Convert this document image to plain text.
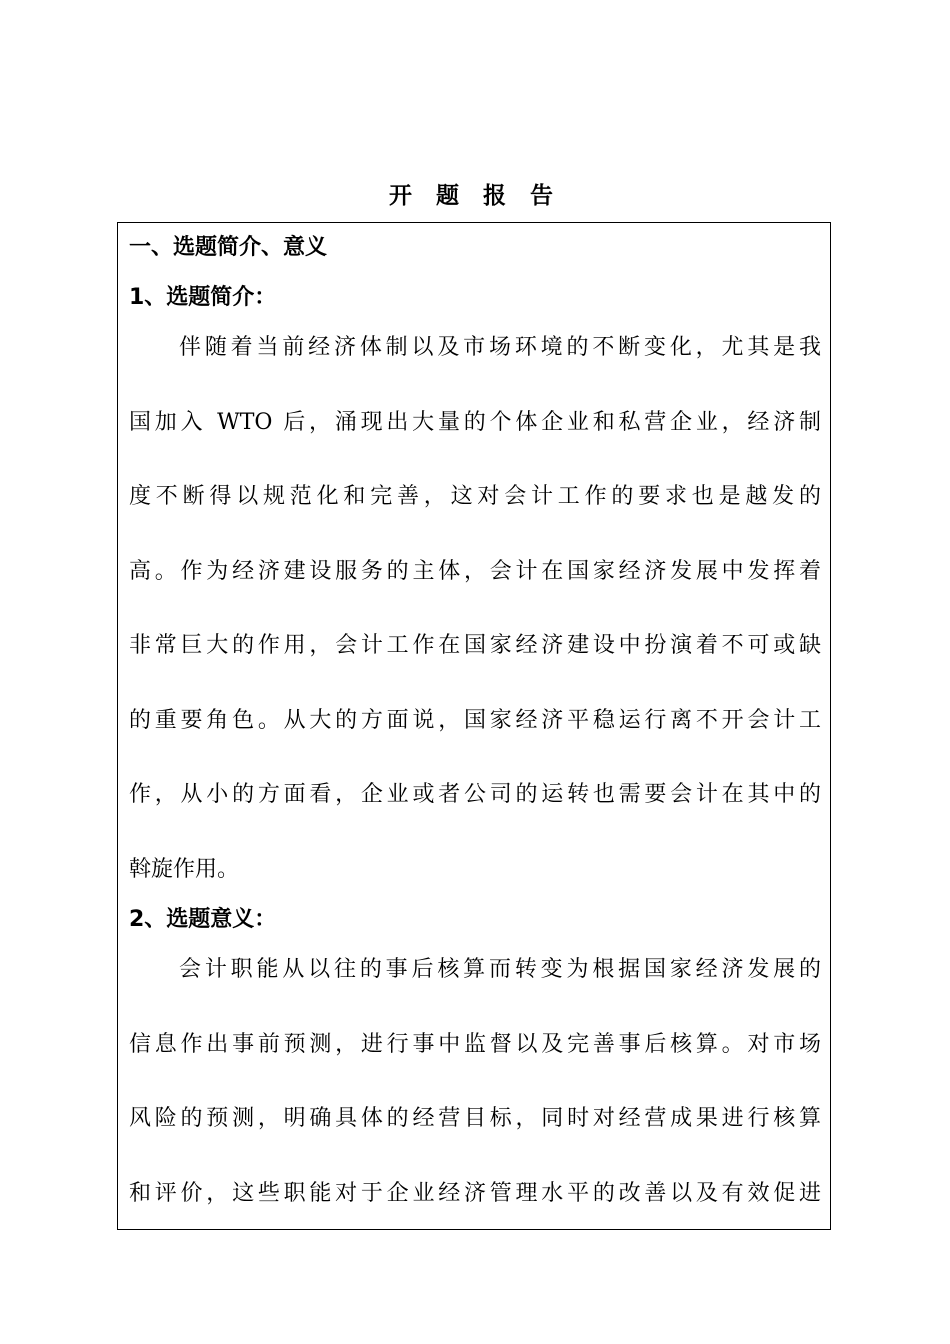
开 题 报 告
一、选题简介、意义
1、选题简介：
伴随着当前经济体制以及市场环境的不断变化，尤其是我
国加入 WTO 后，涌现出大量的个体企业和私营企业，经济制
度不断得以规范化和完善，这对会计工作的要求也是越发的
高。作为经济建设服务的主体，会计在国家经济发展中发挥着
非常巨大的作用，会计工作在国家经济建设中扮演着不可或缺
的重要角色。从大的方面说，国家经济平稳运行离不开会计工
作，从小的方面看，企业或者公司的运转也需要会计在其中的
斡旋作用。
2、选题意义：
会计职能从以往的事后核算而转变为根据国家经济发展的
信息作出事前预测，进行事中监督以及完善事后核算。对市场
风险的预测，明确具体的经营目标，同时对经营成果进行核算
和评价，这些职能对于企业经济管理水平的改善以及有效促进
